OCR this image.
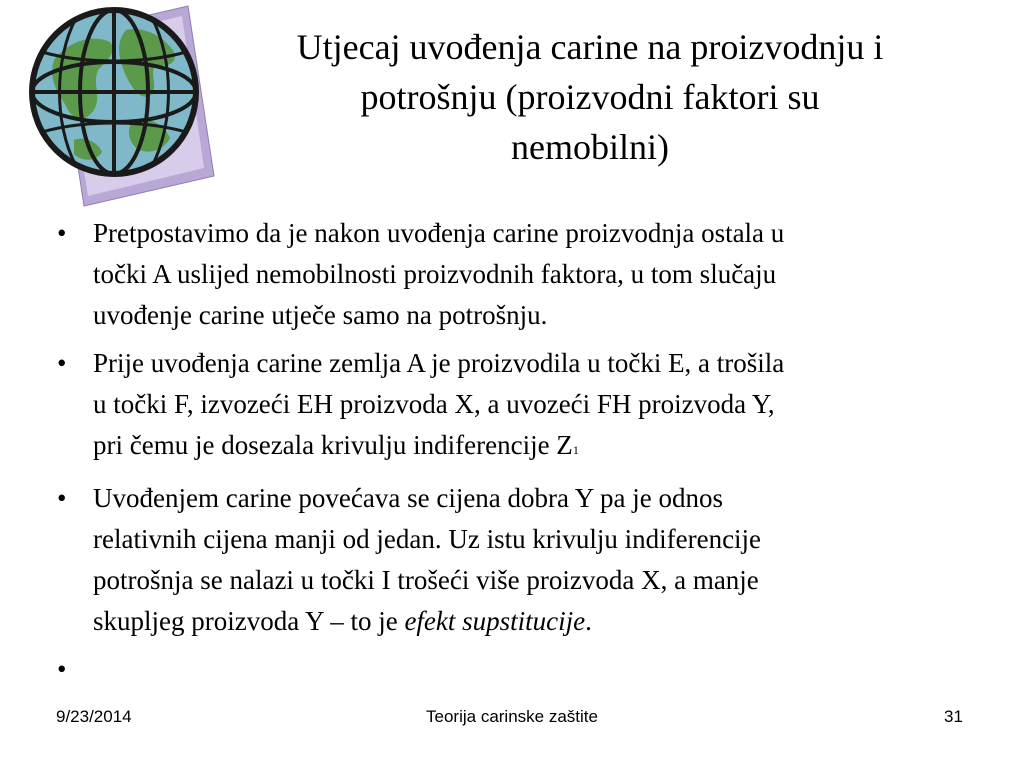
Utjecaj uvođenja carine na proizvodnju i
potrošnju (proizvodni faktori su
nemobilni)
• Pretpostavimo da je nakon uvođenja carine proizvodnja ostala u
točki A uslijed nemobilnosti proizvodnih faktora, u tom slučaju
uvođenje carine utječe samo na potrošnju.
• Prije uvođenja carine zemlja A je proizvodila u točki E, a trošila
u točki F, izvozeći EH proizvoda X, a uvozeći FH proizvoda Y,
pri čemu je dosezala krivulju indiferencije Z1
• Uvođenjem carine povećava se cijena dobra Y pa je odnos
relativnih cijena manji od jedan. Uz istu krivulju indiferencije
potrošnja se nalazi u točki I trošeći više proizvoda X, a manje
skupljeg proizvoda Y – to je efekt supstitucije.
•

9/23/2014	Teorija carinske zaštite	31
